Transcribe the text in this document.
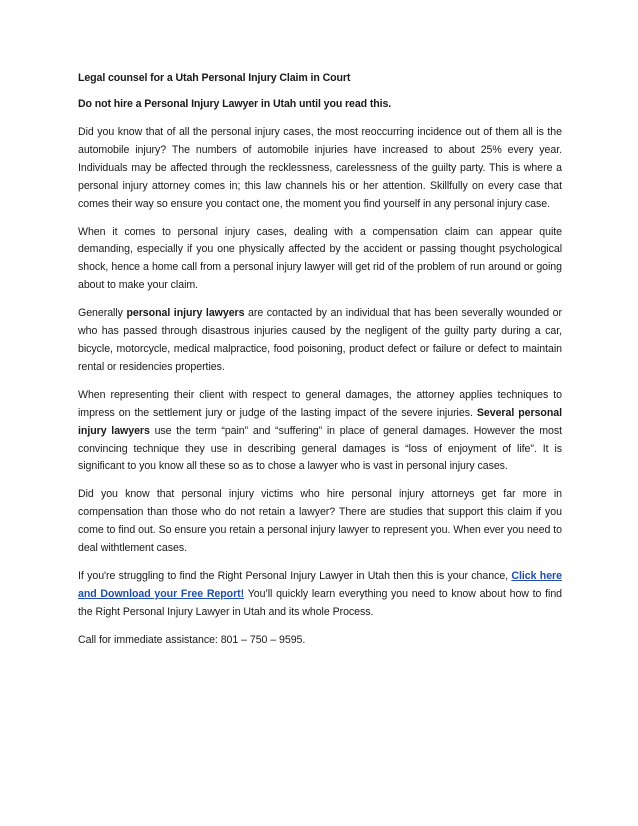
Legal counsel for a Utah Personal Injury Claim in Court
Do not hire a Personal Injury Lawyer in Utah until you read this.

Did you know that of all the personal injury cases, the most reoccurring incidence out of them all is the automobile injury? The numbers of automobile injuries have increased to about 25% every year. Individuals may be affected through the recklessness, carelessness of the guilty party. This is where a personal injury attorney comes in; this law channels his or her attention. Skillfully on every case that comes their way so ensure you contact one, the moment you find yourself in any personal injury case.

When it comes to personal injury cases, dealing with a compensation claim can appear quite demanding, especially if you one physically affected by the accident or passing thought psychological shock, hence a home call from a personal injury lawyer will get rid of the problem of run around or going about to make your claim.

Generally personal injury lawyers are contacted by an individual that has been severally wounded or who has passed through disastrous injuries caused by the negligent of the guilty party during a car, bicycle, motorcycle, medical malpractice, food poisoning, product defect or failure or defect to maintain rental or residencies properties.

When representing their client with respect to general damages, the attorney applies techniques to impress on the settlement jury or judge of the lasting impact of the severe injuries. Several personal injury lawyers use the term “pain” and “suffering” in place of general damages. However the most convincing technique they use in describing general damages is “loss of enjoyment of life”. It is significant to you know all these so as to chose a lawyer who is vast in personal injury cases.

Did you know that personal injury victims who hire personal injury attorneys get far more in compensation than those who do not retain a lawyer? There are studies that support this claim if you come to find out. So ensure you retain a personal injury lawyer to represent you. When ever you need to deal withtlement cases.

If you're struggling to find the Right Personal Injury Lawyer in Utah then this is your chance, Click here and Download your Free Report! You’ll quickly learn everything you need to know about how to find the Right Personal Injury Lawyer in Utah and its whole Process.

Call for immediate assistance: 801 – 750 – 9595.
